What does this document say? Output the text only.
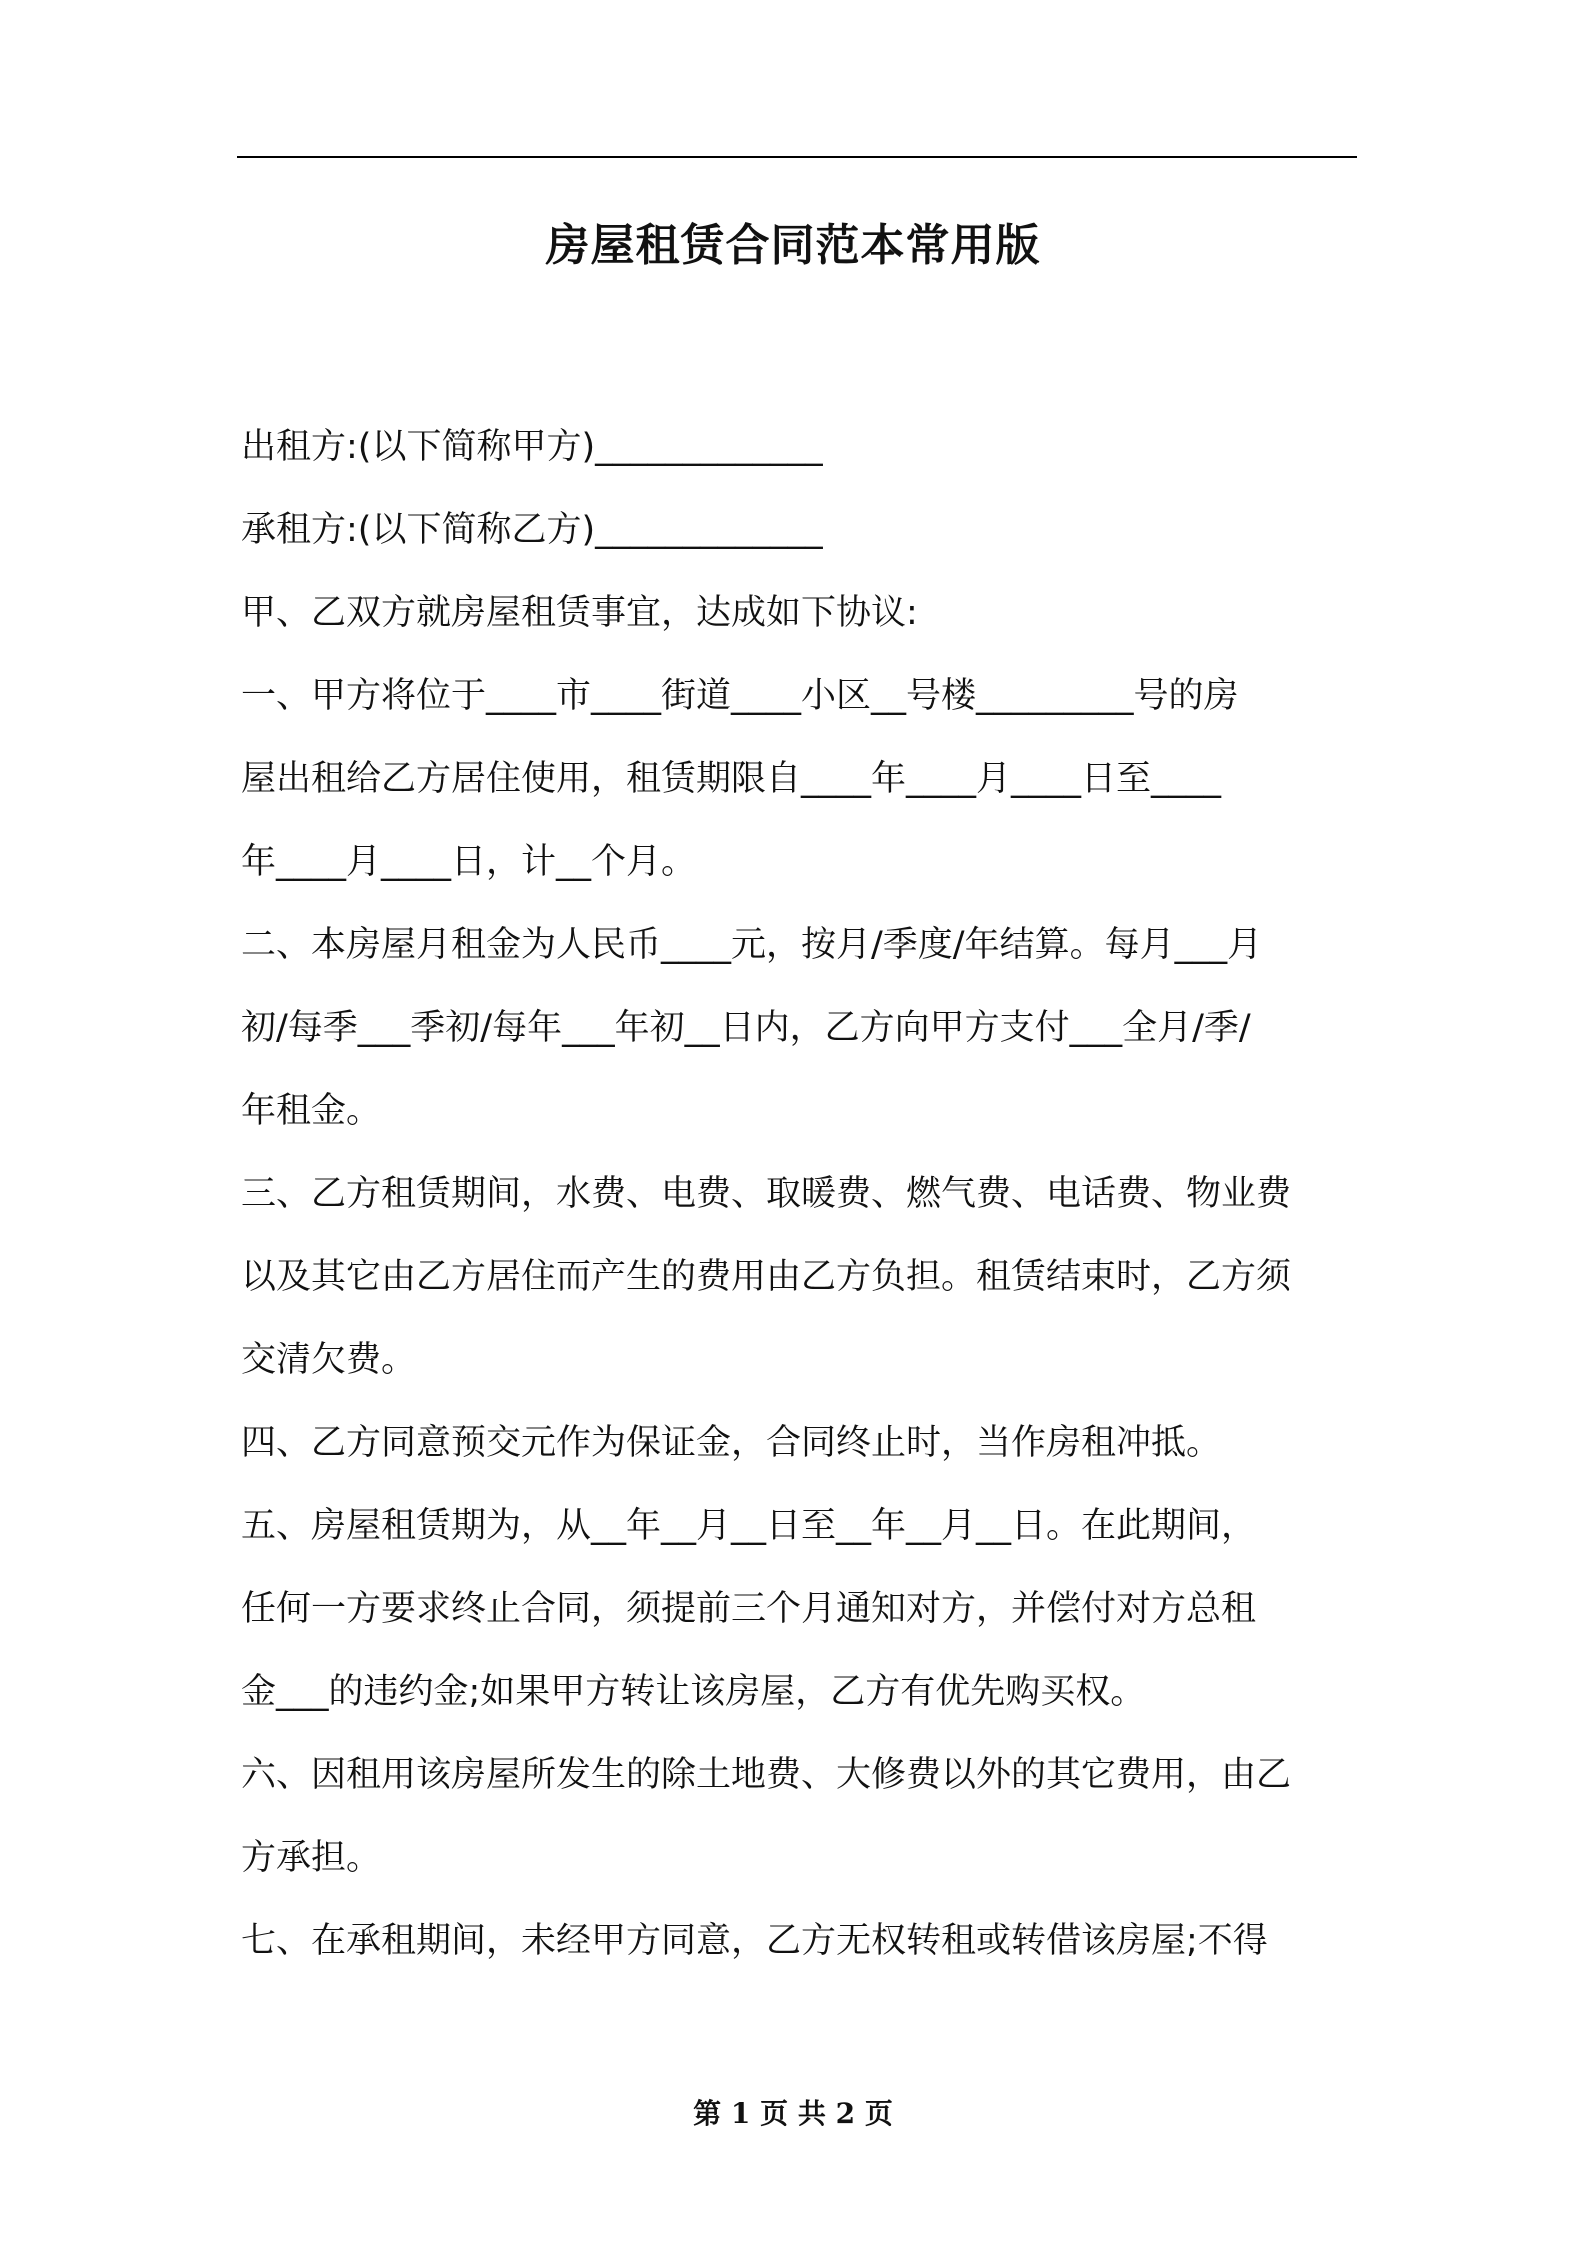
房屋租赁合同范本常用版

出租方:(以下简称甲方)_____________

承租方:(以下简称乙方)_____________

甲、乙双方就房屋租赁事宜，达成如下协议:

一、甲方将位于____市____街道____小区__号楼_________号的房

屋出租给乙方居住使用，租赁期限自____年____月____日至____

年____月____日，计__个月。

二、本房屋月租金为人民币____元，按月/季度/年结算。每月___月

初/每季___季初/每年___年初__日内，乙方向甲方支付___全月/季/

年租金。

三、乙方租赁期间，水费、电费、取暖费、燃气费、电话费、物业费

以及其它由乙方居住而产生的费用由乙方负担。租赁结束时，乙方须

交清欠费。

四、乙方同意预交元作为保证金，合同终止时，当作房租冲抵。

五、房屋租赁期为，从__年__月__日至__年__月__日。在此期间，

任何一方要求终止合同，须提前三个月通知对方，并偿付对方总租

金___的违约金;如果甲方转让该房屋，乙方有优先购买权。

六、因租用该房屋所发生的除土地费、大修费以外的其它费用，由乙

方承担。

七、在承租期间，未经甲方同意，乙方无权转租或转借该房屋;不得

第 1 页 共 2 页
